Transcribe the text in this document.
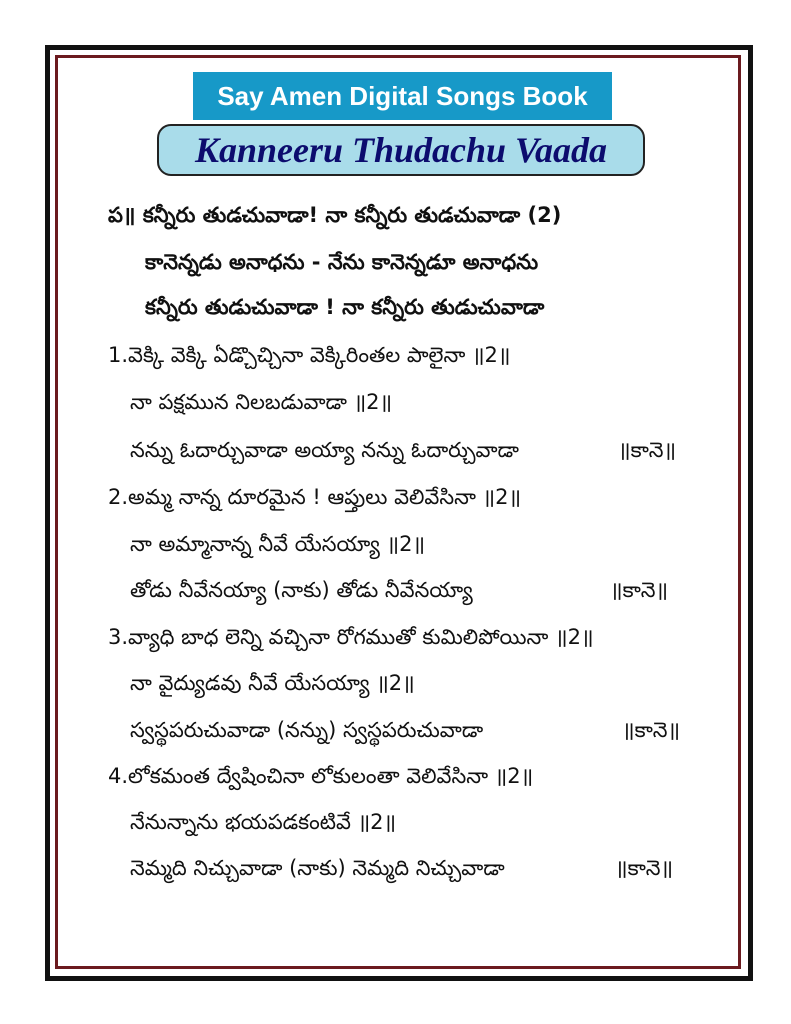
Say Amen Digital Songs Book
Kanneeru Thudachu Vaada
ప॥ కన్నీరు తుడచువాడా! నా కన్నీరు తుడచువాడా (2)
కానెన్నడు అనాధను - నేను కానెన్నడూ అనాధను
కన్నీరు తుడుచువాడా ! నా కన్నీరు తుడుచువాడా
1.వెక్కి వెక్కి ఏడ్చొచ్చినా వెక్కిరింతల పాలైనా ॥2॥
నా పక్షమున నిలబడువాడా ॥2॥
నన్ను ఓదార్చువాడా అయ్యా నన్ను ఓదార్చువాడా	॥కానె॥
2.అమ్మ నాన్న దూరమైన ! ఆప్తులు వెలివేసినా ॥2॥
నా అమ్మానాన్న నీవే యేసయ్యా ॥2॥
తోడు నీవేనయ్యా (నాకు) తోడు నీవేనయ్యా	॥కానె॥
3.వ్యాధి బాధ లెన్ని వచ్చినా రోగముతో కుమిలిపోయినా ॥2॥
నా వైద్యుడవు నీవే యేసయ్యా ॥2॥
స్వస్థపరుచువాడా (నన్ను) స్వస్థపరుచువాడా	॥కానె॥
4.లోకమంత ద్వేషించినా లోకులంతా వెలివేసినా ॥2॥
నేనున్నాను భయపడకంటివే ॥2॥
నెమ్మది నిచ్చువాడా (నాకు) నెమ్మది నిచ్చువాడా	॥కానె॥
